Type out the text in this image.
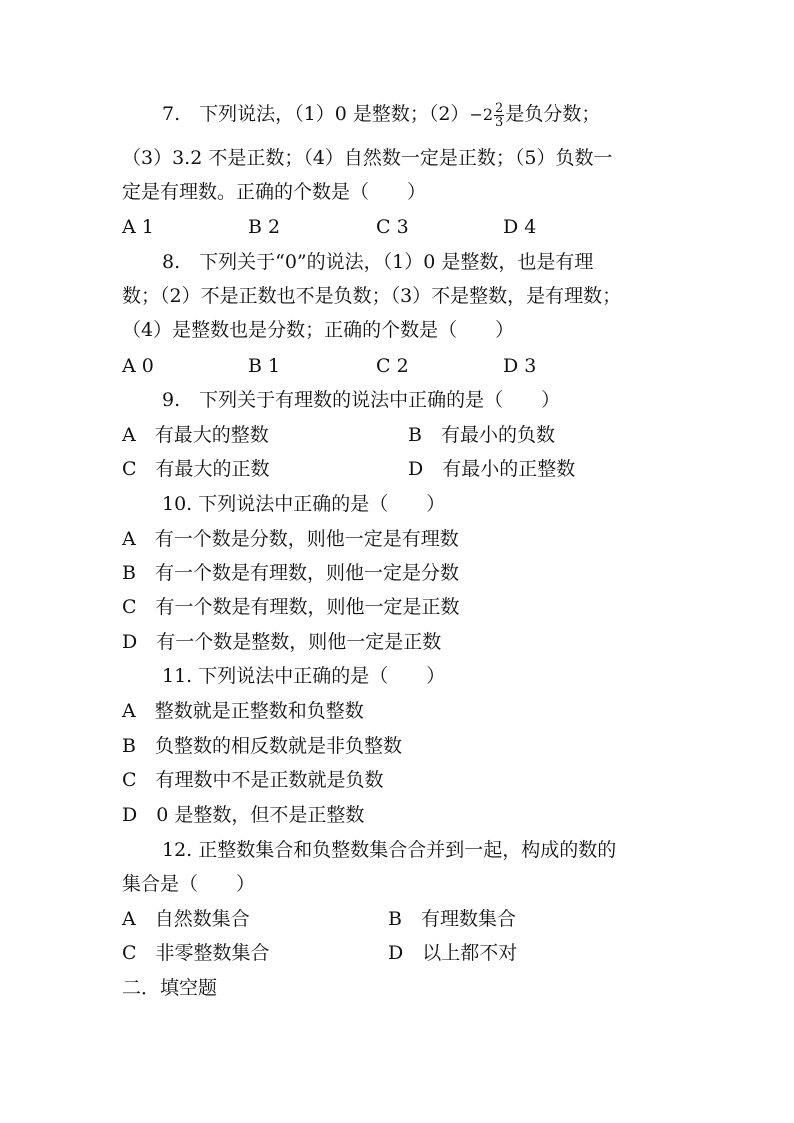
7.　下列说法，（1）0 是整数；$(2)-2 \frac{2}{3}$ 是负分数；
（3）3.2 不是正数；（4）自然数一定是正数；（5）负数一
定是有理数。正确的个数是（　　）
A 1	B 2	C 3	D 4
8.　下列关于“0”的说法，（1）0 是整数，也是有理
数；（2）不是正数也不是负数；（3）不是整数，是有理数；
（4）是整数也是分数；正确的个数是（　　）
A 0	B 1	C 2	D 3
9.　下列关于有理数的说法中正确的是（　　）
A　有最大的整数	B　有最小的负数
C　有最大的正数	D　有最小的正整数
10. 下列说法中正确的是（　　）
A　有一个数是分数，则他一定是有理数
B　有一个数是有理数，则他一定是分数
C　有一个数是有理数，则他一定是正数
D　有一个数是整数，则他一定是正数
11. 下列说法中正确的是（　　）
A　整数就是正整数和负整数
B　负整数的相反数就是非负整数
C　有理数中不是正数就是负数
D　0 是整数，但不是正整数
12. 正整数集合和负整数集合合并到一起，构成的数的
集合是（　　）
A　自然数集合	B　有理数集合
C　非零整数集合	D　以上都不对
二．填空题
